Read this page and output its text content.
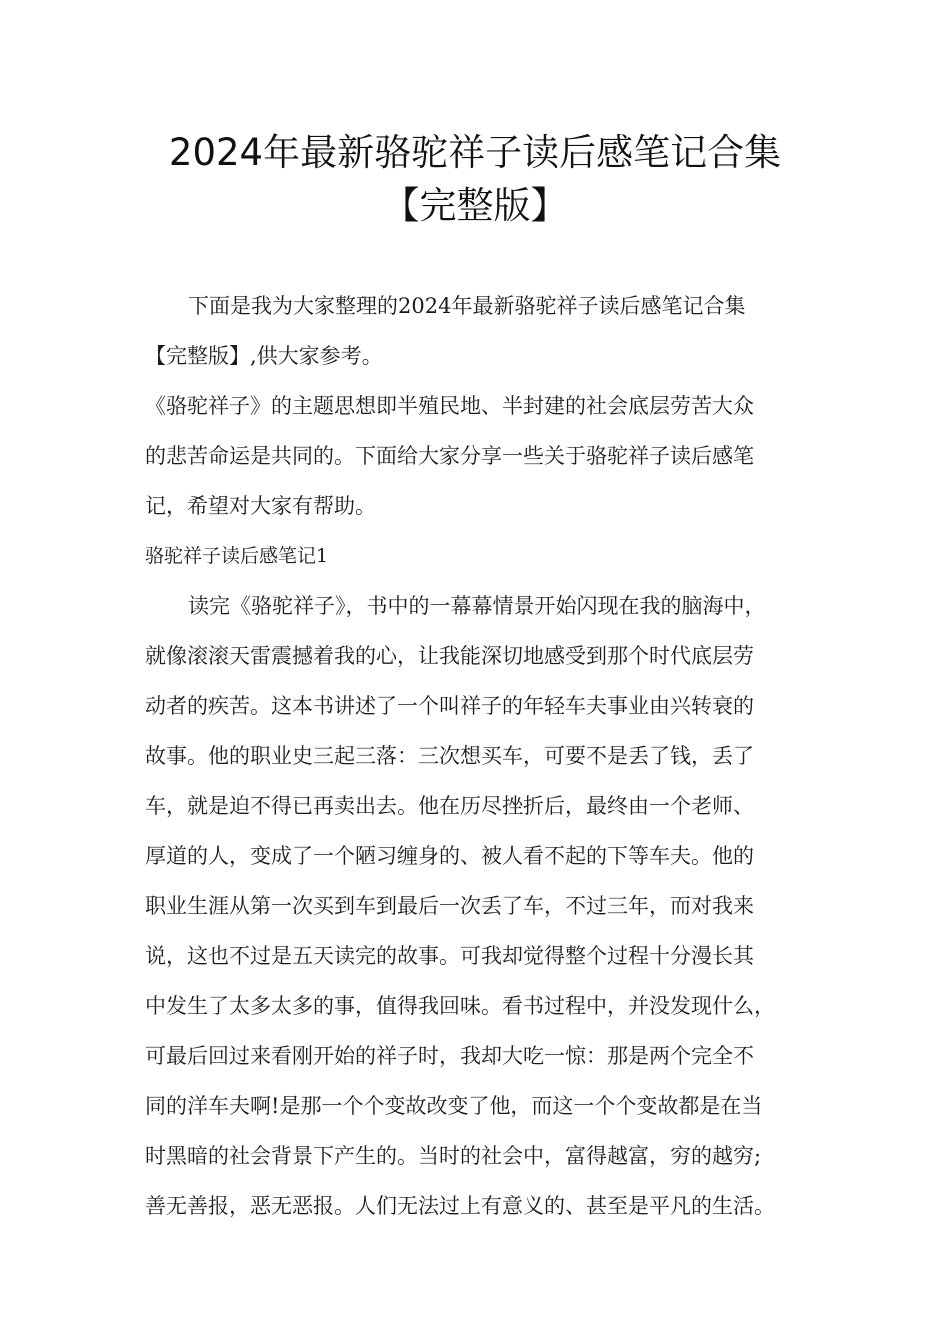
2024年最新骆驼祥子读后感笔记合集
【完整版】
下面是我为大家整理的2024年最新骆驼祥子读后感笔记合集
【完整版】,供大家参考。
《骆驼祥子》的主题思想即半殖民地、半封建的社会底层劳苦大众
的悲苦命运是共同的。下面给大家分享一些关于骆驼祥子读后感笔
记，希望对大家有帮助。
骆驼祥子读后感笔记1
读完《骆驼祥子》，书中的一幕幕情景开始闪现在我的脑海中，
就像滚滚天雷震撼着我的心，让我能深切地感受到那个时代底层劳
动者的疾苦。这本书讲述了一个叫祥子的年轻车夫事业由兴转衰的
故事。他的职业史三起三落：三次想买车，可要不是丢了钱，丢了
车，就是迫不得已再卖出去。他在历尽挫折后，最终由一个老师、
厚道的人，变成了一个陋习缠身的、被人看不起的下等车夫。他的
职业生涯从第一次买到车到最后一次丢了车，不过三年，而对我来
说，这也不过是五天读完的故事。可我却觉得整个过程十分漫长其
中发生了太多太多的事，值得我回味。看书过程中，并没发现什么，
可最后回过来看刚开始的祥子时，我却大吃一惊：那是两个完全不
同的洋车夫啊!是那一个个变故改变了他，而这一个个变故都是在当
时黑暗的社会背景下产生的。当时的社会中，富得越富，穷的越穷;
善无善报，恶无恶报。人们无法过上有意义的、甚至是平凡的生活。
